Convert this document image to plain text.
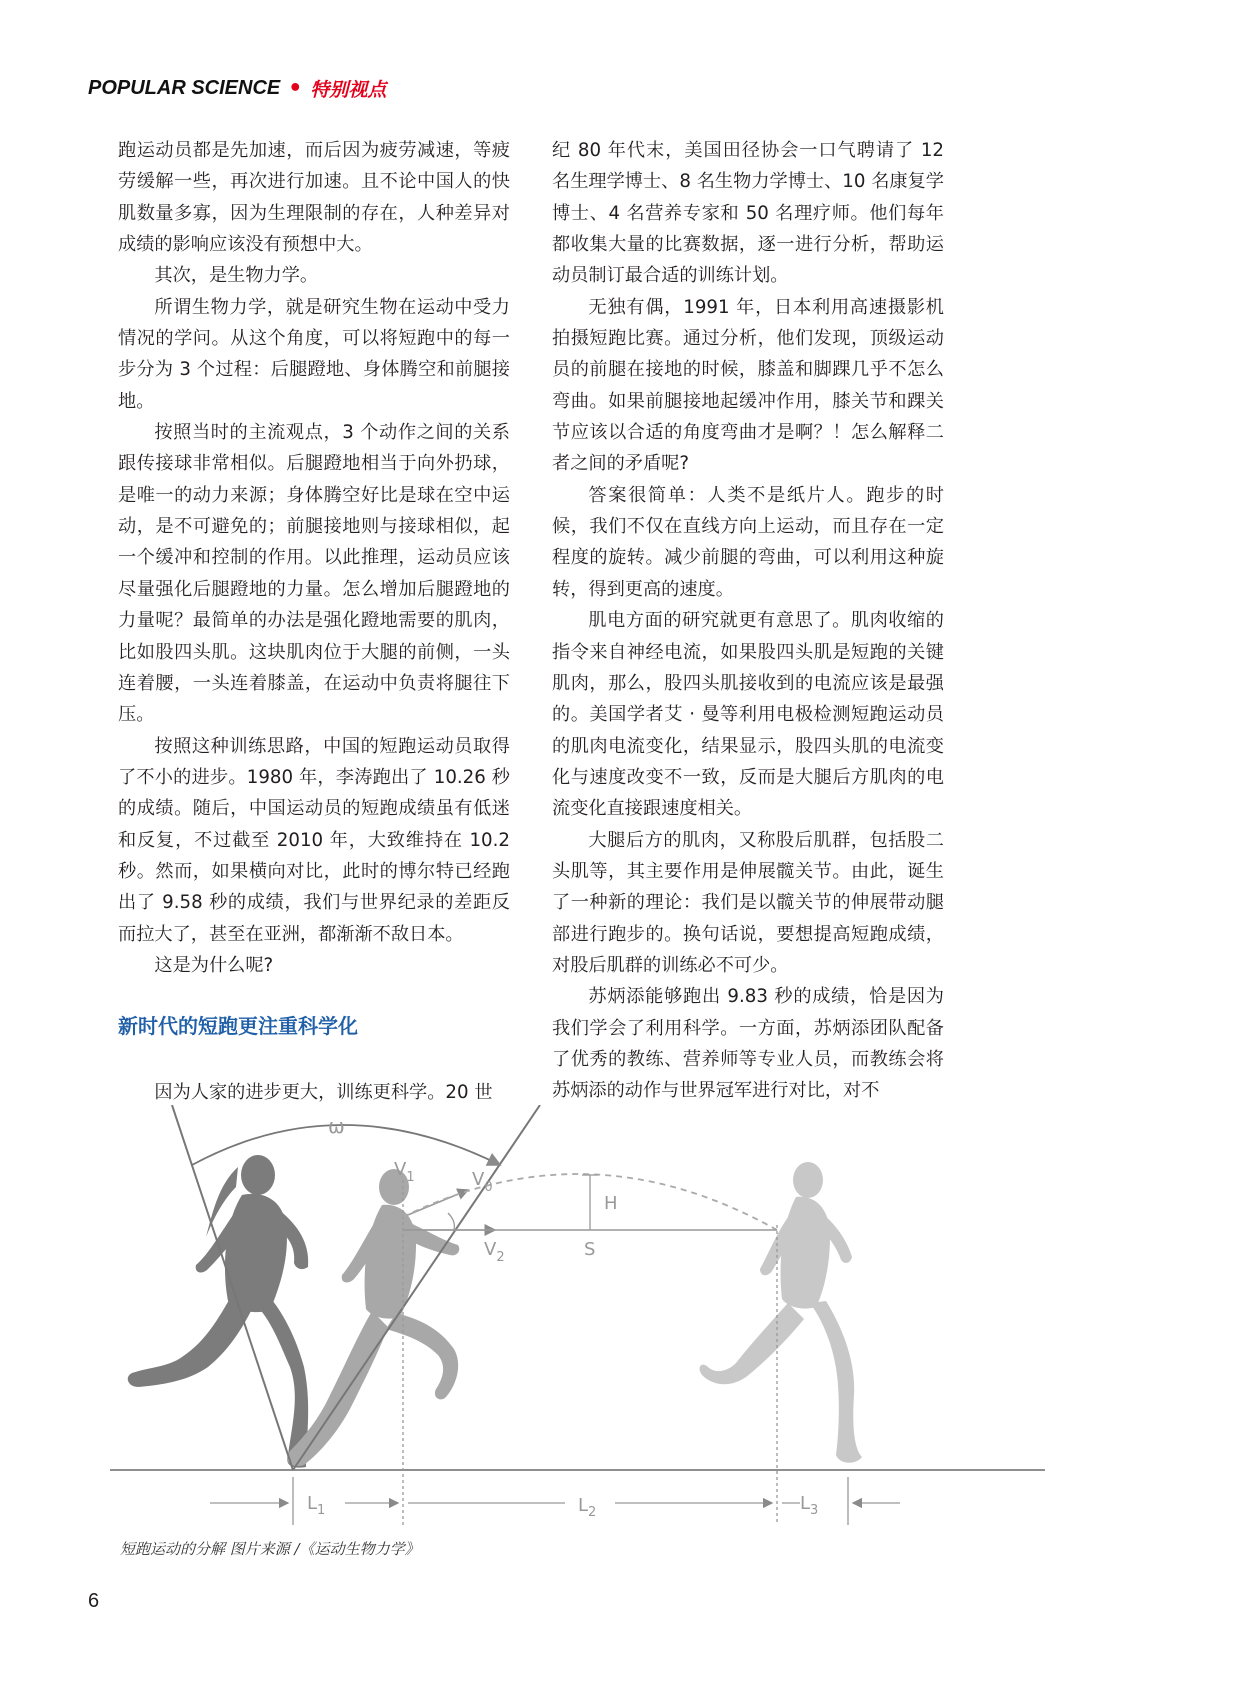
POPULAR SCIENCE • 特别视点

跑运动员都是先加速，而后因为疲劳减速，等疲劳缓解一些，再次进行加速。且不论中国人的快肌数量多寡，因为生理限制的存在，人种差异对成绩的影响应该没有预想中大。

其次，是生物力学。

所谓生物力学，就是研究生物在运动中受力情况的学问。从这个角度，可以将短跑中的每一步分为 3 个过程：后腿蹬地、身体腾空和前腿接地。

按照当时的主流观点，3 个动作之间的关系跟传接球非常相似。后腿蹬地相当于向外扔球，是唯一的动力来源；身体腾空好比是球在空中运动，是不可避免的；前腿接地则与接球相似，起一个缓冲和控制的作用。以此推理，运动员应该尽量强化后腿蹬地的力量。怎么增加后腿蹬地的力量呢？最简单的办法是强化蹬地需要的肌肉，比如股四头肌。这块肌肉位于大腿的前侧，一头连着腰，一头连着膝盖，在运动中负责将腿往下压。

按照这种训练思路，中国的短跑运动员取得了不小的进步。1980 年，李涛跑出了 10.26 秒的成绩。随后，中国运动员的短跑成绩虽有低迷和反复，不过截至 2010 年，大致维持在 10.2 秒。然而，如果横向对比，此时的博尔特已经跑出了 9.58 秒的成绩，我们与世界纪录的差距反而拉大了，甚至在亚洲，都渐渐不敌日本。

这是为什么呢?

新时代的短跑更注重科学化

因为人家的进步更大，训练更科学。20 世

纪 80 年代末，美国田径协会一口气聘请了 12 名生理学博士、8 名生物力学博士、10 名康复学博士、4 名营养专家和 50 名理疗师。他们每年都收集大量的比赛数据，逐一进行分析，帮助运动员制订最合适的训练计划。

无独有偶，1991 年，日本利用高速摄影机拍摄短跑比赛。通过分析，他们发现，顶级运动员的前腿在接地的时候，膝盖和脚踝几乎不怎么弯曲。如果前腿接地起缓冲作用，膝关节和踝关节应该以合适的角度弯曲才是啊？！怎么解释二者之间的矛盾呢?

答案很简单：人类不是纸片人。跑步的时候，我们不仅在直线方向上运动，而且存在一定程度的旋转。减少前腿的弯曲，可以利用这种旋转，得到更高的速度。

肌电方面的研究就更有意思了。肌肉收缩的指令来自神经电流，如果股四头肌是短跑的关键肌肉，那么，股四头肌接收到的电流应该是最强的。美国学者艾 · 曼等利用电极检测短跑运动员的肌肉电流变化，结果显示，股四头肌的电流变化与速度改变不一致，反而是大腿后方肌肉的电流变化直接跟速度相关。

大腿后方的肌肉，又称股后肌群，包括股二头肌等，其主要作用是伸展髋关节。由此，诞生了一种新的理论：我们是以髋关节的伸展带动腿部进行跑步的。换句话说，要想提高短跑成绩，对股后肌群的训练必不可少。

苏炳添能够跑出 9.83 秒的成绩，恰是因为我们学会了利用科学。一方面，苏炳添团队配备了优秀的教练、营养师等专业人员，而教练会将苏炳添的动作与世界冠军进行对比，对不

ω
$V_1$	$V_0$
$V_2$
H
S
$L_1$	$L_2$	$L_3$
短跑运动的分解 图片来源 /《运动生物力学》
6
